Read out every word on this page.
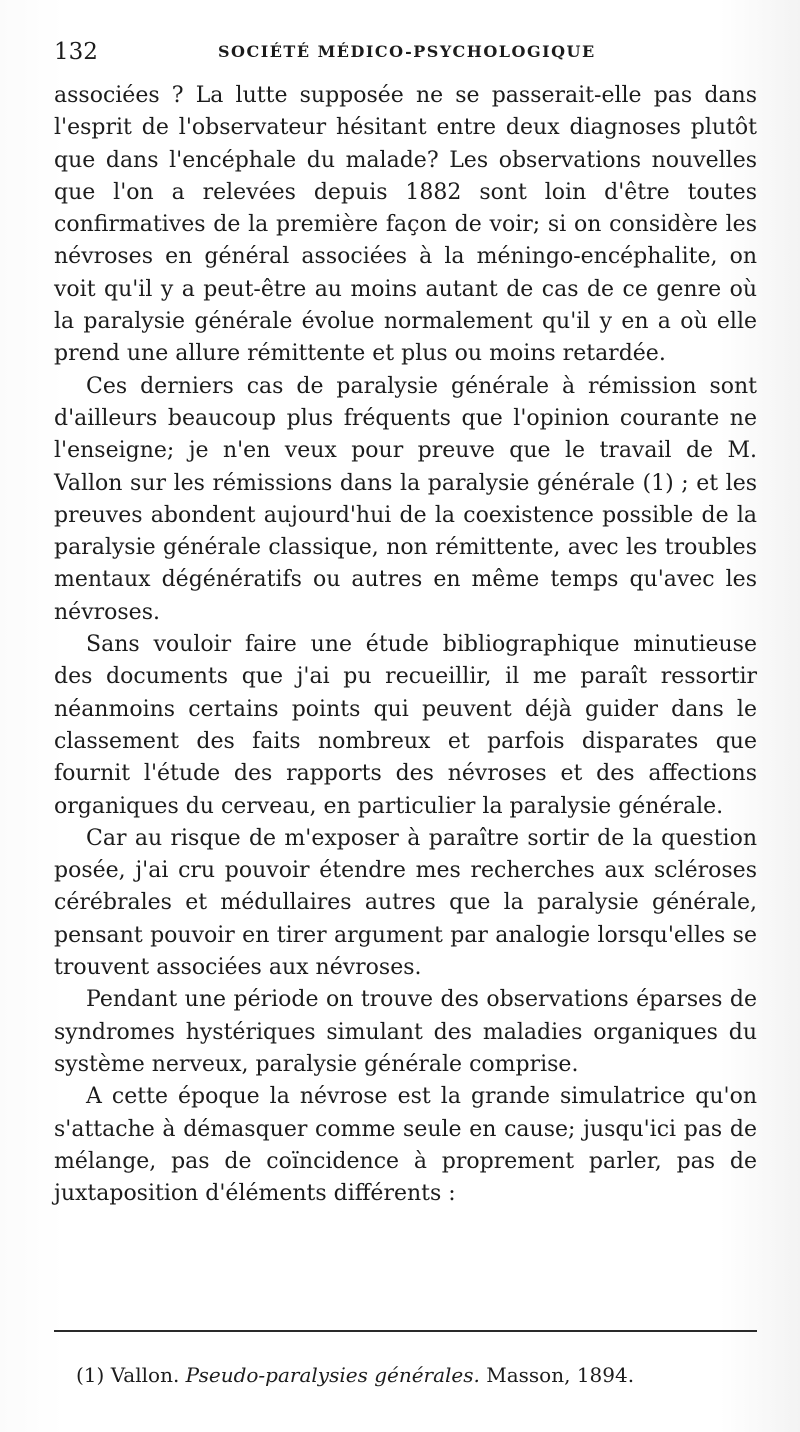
132	SOCIÉTÉ MÉDICO-PSYCHOLOGIQUE

associées ? La lutte supposée ne se passerait-elle pas dans l'esprit de l'observateur hésitant entre deux diagnoses plutôt que dans l'encéphale du malade? Les observations nouvelles que l'on a relevées depuis 1882 sont loin d'être toutes confirmatives de la première façon de voir; si on considère les névroses en général associées à la méningo-encéphalite, on voit qu'il y a peut-être au moins autant de cas de ce genre où la paralysie générale évolue normalement qu'il y en a où elle prend une allure rémittente et plus ou moins retardée.

Ces derniers cas de paralysie générale à rémission sont d'ailleurs beaucoup plus fréquents que l'opinion courante ne l'enseigne; je n'en veux pour preuve que le travail de M. Vallon sur les rémissions dans la paralysie générale (1) ; et les preuves abondent aujourd'hui de la coexistence possible de la paralysie générale classique, non rémittente, avec les troubles mentaux dégénératifs ou autres en même temps qu'avec les névroses.

Sans vouloir faire une étude bibliographique minutieuse des documents que j'ai pu recueillir, il me paraît ressortir néanmoins certains points qui peuvent déjà guider dans le classement des faits nombreux et parfois disparates que fournit l'étude des rapports des névroses et des affections organiques du cerveau, en particulier la paralysie générale.

Car au risque de m'exposer à paraître sortir de la question posée, j'ai cru pouvoir étendre mes recherches aux scléroses cérébrales et médullaires autres que la paralysie générale, pensant pouvoir en tirer argument par analogie lorsqu'elles se trouvent associées aux névroses.

Pendant une période on trouve des observations éparses de syndromes hystériques simulant des maladies organiques du système nerveux, paralysie générale comprise.

A cette époque la névrose est la grande simulatrice qu'on s'attache à démasquer comme seule en cause; jusqu'ici pas de mélange, pas de coïncidence à proprement parler, pas de juxtaposition d'éléments différents :

(1) Vallon. Pseudo-paralysies générales. Masson, 1894.
